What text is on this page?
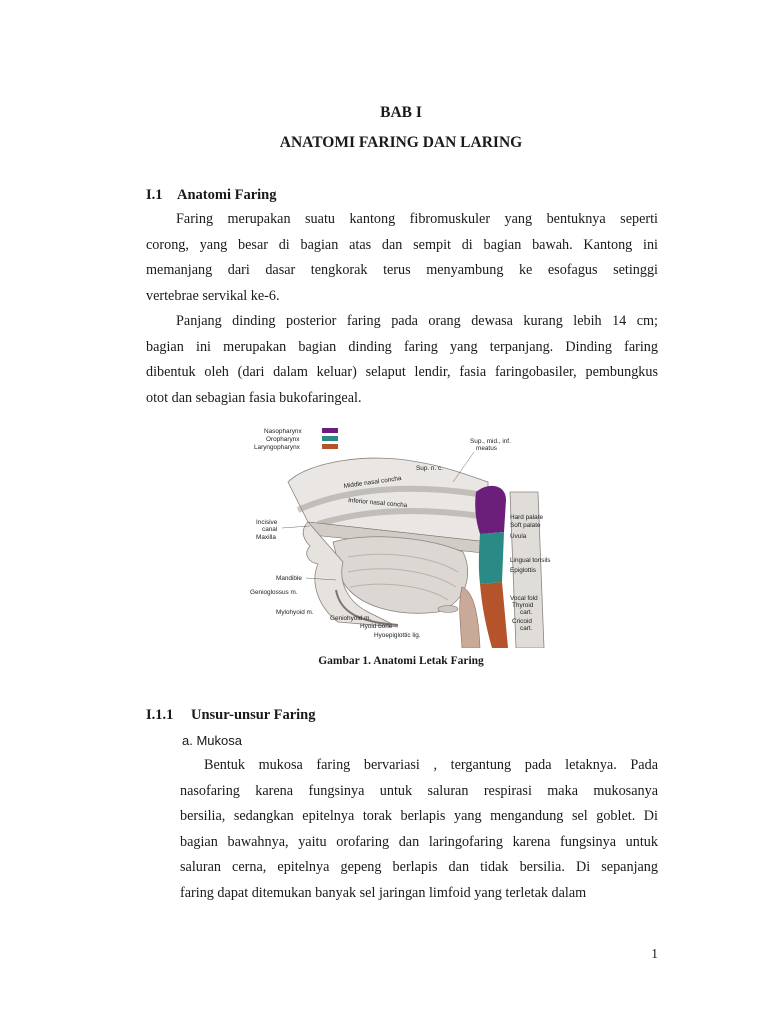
BAB I
ANATOMI FARING DAN LARING
I.1 Anatomi Faring
Faring merupakan suatu kantong fibromuskuler yang bentuknya seperti
corong, yang besar di bagian atas dan sempit di bagian bawah. Kantong ini
memanjang dari dasar tengkorak terus menyambung ke esofagus setinggi
vertebrae servikal ke-6.
Panjang dinding posterior faring pada orang dewasa kurang lebih 14 cm;
bagian ini merupakan bagian dinding faring yang terpanjang. Dinding faring
dibentuk oleh (dari dalam keluar) selaput lendir, fasia faringobasiler, pembungkus
otot dan sebagian fasia bukofaringeal.
Nasopharynx
Oropharynx
Laryngopharynx
Sup., mid., inf.
meatus
Sup. n. c.
Middle nasal concha
Inferior nasal concha
Hard palate
Soft palate
Uvula
Incisive
canal
Maxilla
Lingual tonsils
Epiglottis
Mandible
Genioglossus m.
Mylohyoid m.
Geniohyoid m.
Hyoid bone
Hyoepiglottic lig.
Vocal fold
Thyroid
cart.
Cricoid
cart.
Gambar 1. Anatomi Letak Faring
I.1.1 Unsur-unsur Faring
a. Mukosa
Bentuk mukosa faring bervariasi , tergantung pada letaknya. Pada
nasofaring karena fungsinya untuk saluran respirasi maka mukosanya
bersilia, sedangkan epitelnya torak berlapis yang mengandung sel goblet. Di
bagian bawahnya, yaitu orofaring dan laringofaring karena fungsinya untuk
saluran cerna, epitelnya gepeng berlapis dan tidak bersilia. Di sepanjang
faring dapat ditemukan banyak sel jaringan limfoid yang terletak dalam
1
